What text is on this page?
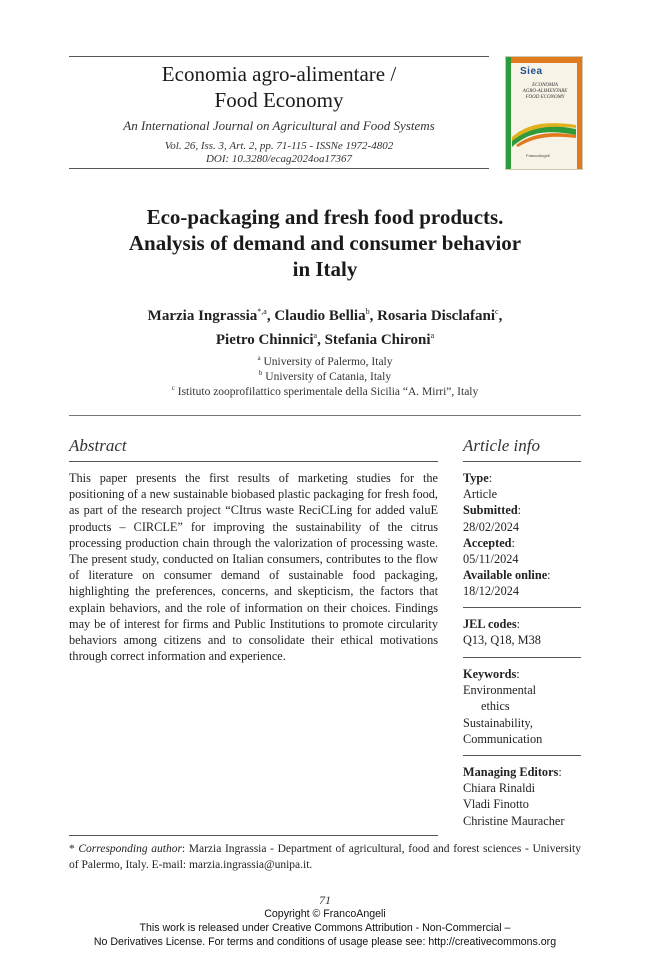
Economia agro-alimentare /
Food Economy
An International Journal on Agricultural and Food Systems
Vol. 26, Iss. 3, Art. 2, pp. 71-115 - ISSNe 1972-4802
DOI: 10.3280/ecag2024oa17367
Siea
ECONOMIA
AGRO-ALIMENTARE
FOOD ECONOMY
FrancoAngeli
Eco-packaging and fresh food products.
Analysis of demand and consumer behavior
in Italy
Marzia Ingrassia$^{*,a}$, Claudio Bellia$^b$, Rosaria Disclafani$^c$,
Pietro Chinnici$^a$, Stefania Chironi$^a$
$^a$ University of Palermo, Italy
$^b$ University of Catania, Italy
$^c$ Istituto zooprofilattico sperimentale della Sicilia “A. Mirri”, Italy
Abstract
This paper presents the first results of marketing studies for the positioning of a new sustainable biobased plastic packaging for fresh food, as part of the research project “CItrus waste ReciCLing for added valuE products – CIRCLE” for improving the sustainability of the citrus processing production chain through the valorization of processing waste. The present study, conducted on Italian consumers, contributes to the flow of literature on consumer demand of sustainable food packaging, highlighting the preferences, concerns, and skepticism, the factors that explain behaviors, and the role of information on their choices. Findings may be of interest for firms and Public Institutions to promote circularity behaviors among citizens and to consolidate their ethical motivations through correct information and experience.
Article info
Type:
Article
Submitted:
28/02/2024
Accepted:
05/11/2024
Available online:
18/12/2024
JEL codes:
Q13, Q18, M38
Keywords:
Environmental
ethics
Sustainability,
Communication
Managing Editors:
Chiara Rinaldi
Vladi Finotto
Christine Mauracher
* Corresponding author: Marzia Ingrassia - Department of agricultural, food and forest sciences - University of Palermo, Italy. E-mail: marzia.ingrassia@unipa.it.
71
Copyright © FrancoAngeli
This work is released under Creative Commons Attribution - Non-Commercial –
No Derivatives License. For terms and conditions of usage please see: http://creativecommons.org
